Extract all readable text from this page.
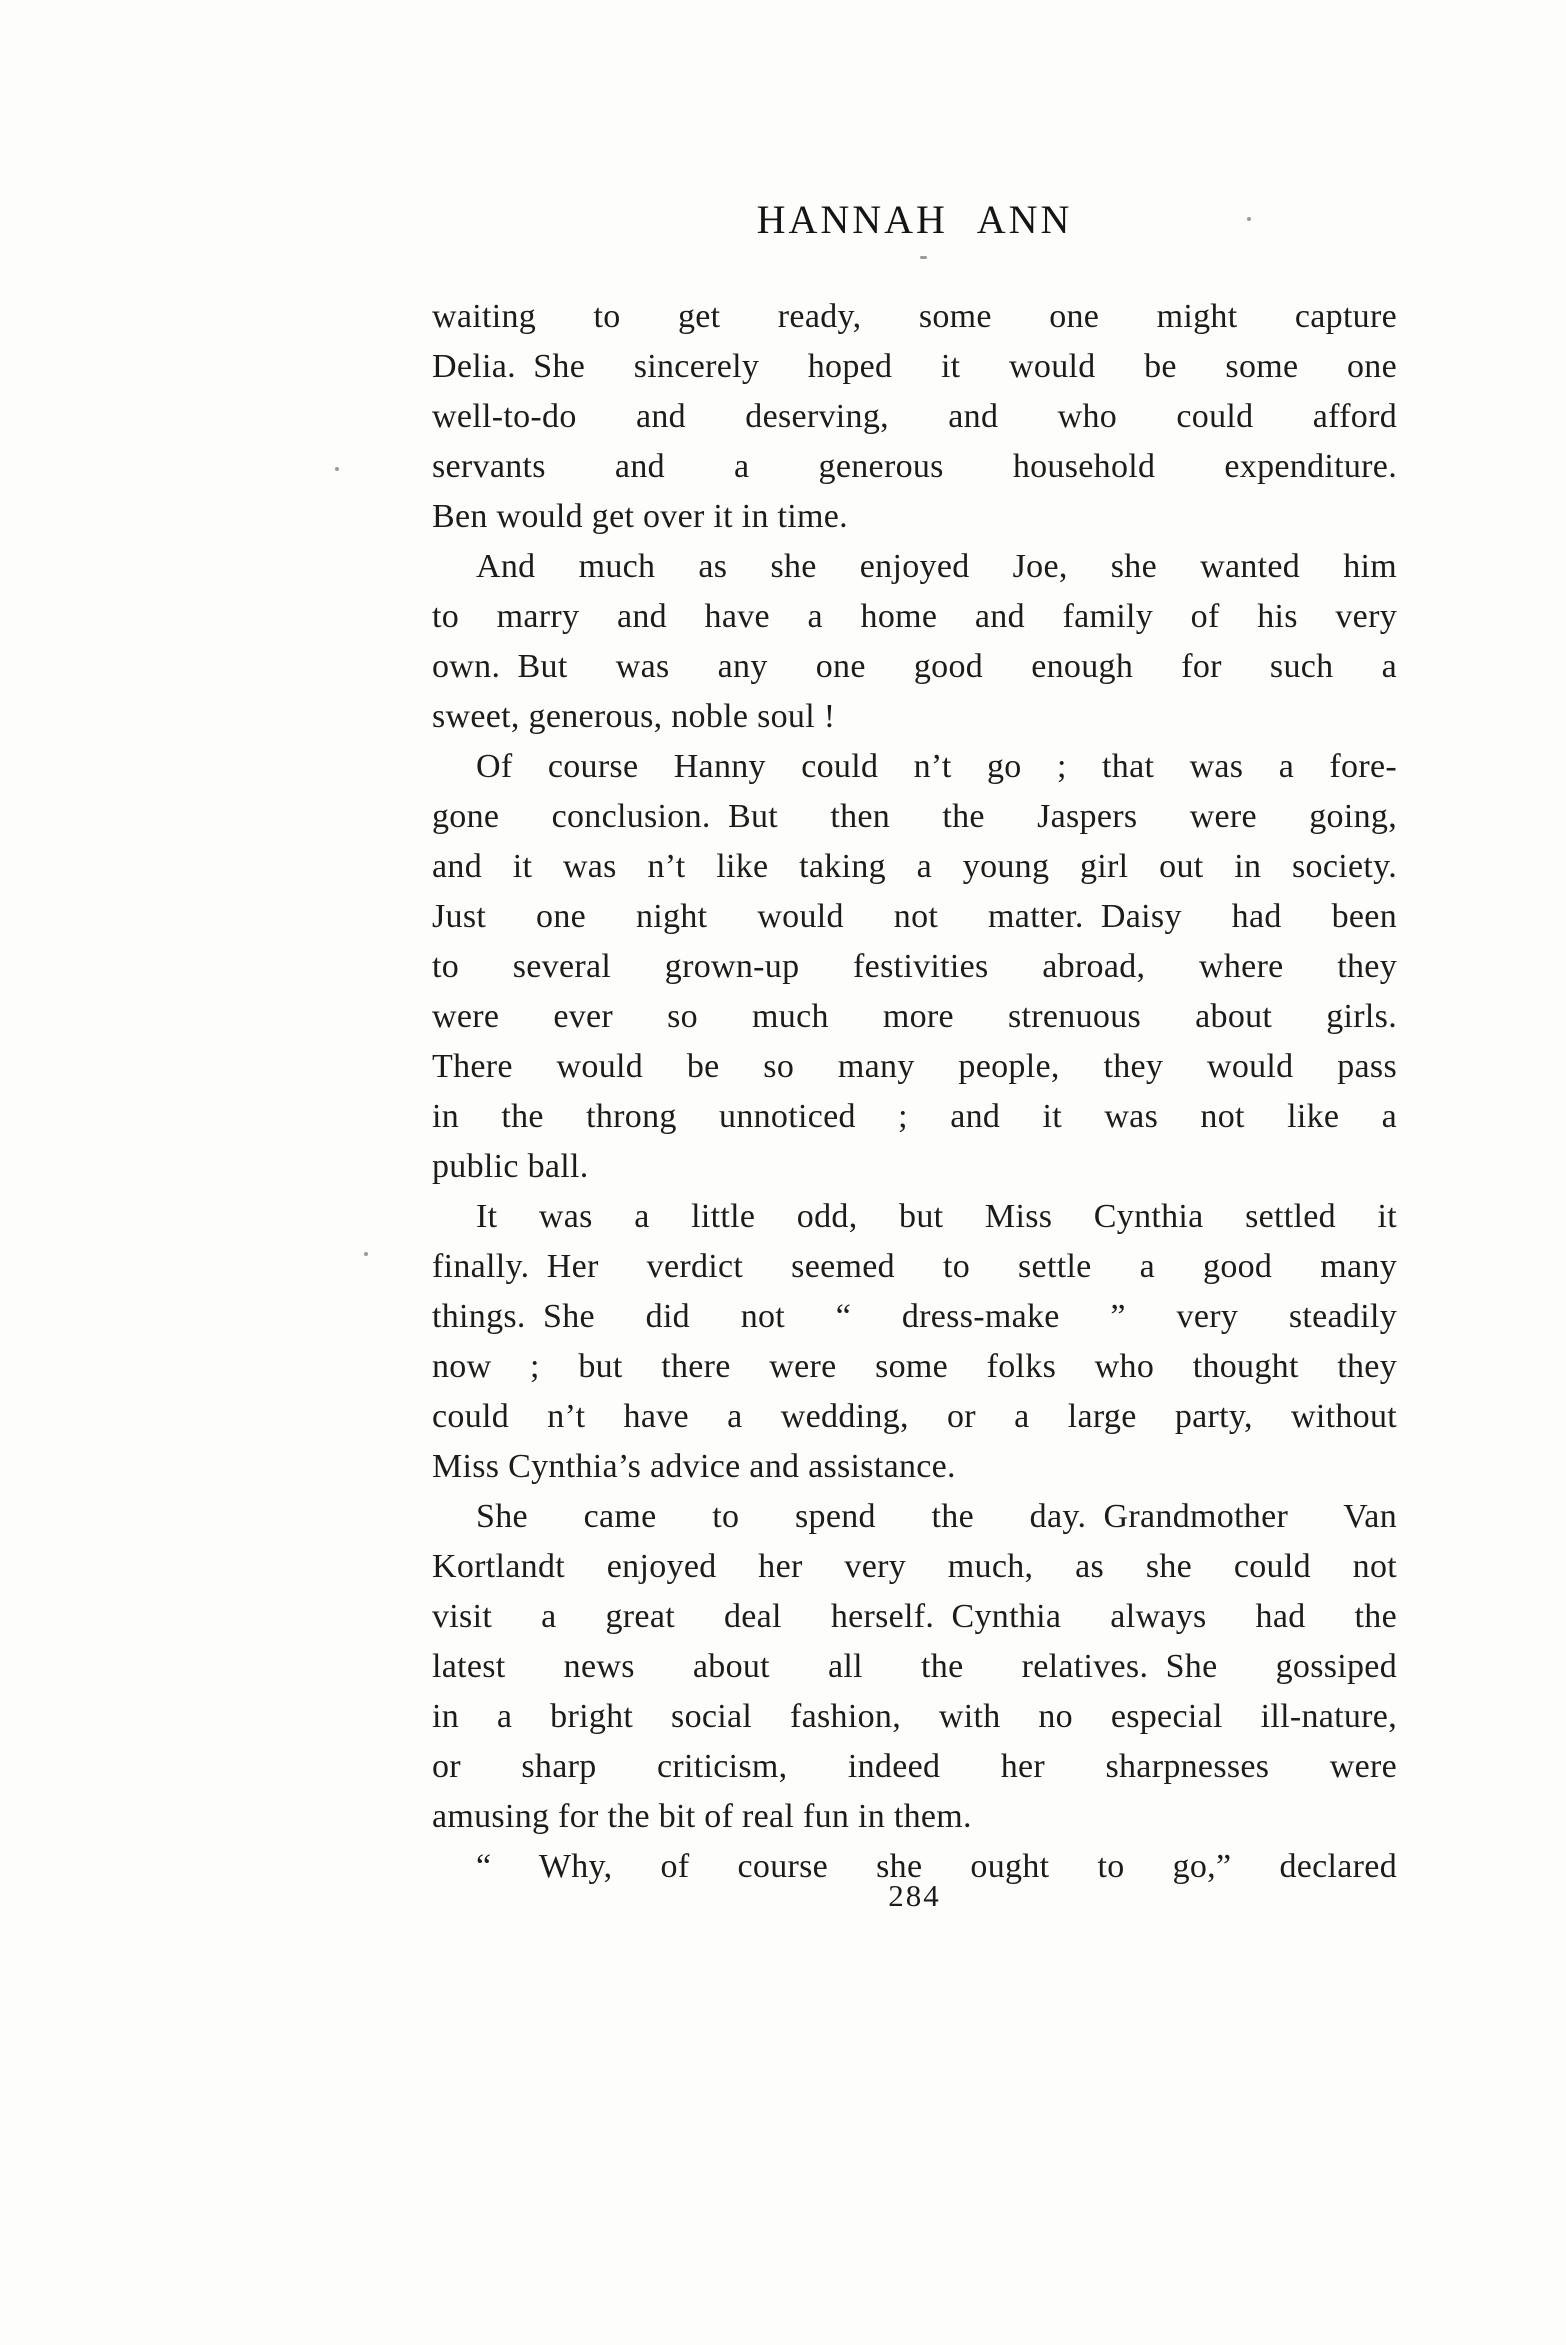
HANNAH ANN
waiting to get ready, some one might capture
Delia. She sincerely hoped it would be some one
well-to-do and deserving, and who could afford
servants and a generous household expenditure.
Ben would get over it in time.
And much as she enjoyed Joe, she wanted him
to marry and have a home and family of his very
own. But was any one good enough for such a
sweet, generous, noble soul !
Of course Hanny could n’t go ; that was a fore-
gone conclusion. But then the Jaspers were going,
and it was n’t like taking a young girl out in society.
Just one night would not matter. Daisy had been
to several grown-up festivities abroad, where they
were ever so much more strenuous about girls.
There would be so many people, they would pass
in the throng unnoticed ; and it was not like a
public ball.
It was a little odd, but Miss Cynthia settled it
finally. Her verdict seemed to settle a good many
things. She did not “ dress-make ” very steadily
now ; but there were some folks who thought they
could n’t have a wedding, or a large party, without
Miss Cynthia’s advice and assistance.
She came to spend the day. Grandmother Van
Kortlandt enjoyed her very much, as she could not
visit a great deal herself. Cynthia always had the
latest news about all the relatives. She gossiped
in a bright social fashion, with no especial ill-nature,
or sharp criticism, indeed her sharpnesses were
amusing for the bit of real fun in them.
“ Why, of course she ought to go,” declared
284
